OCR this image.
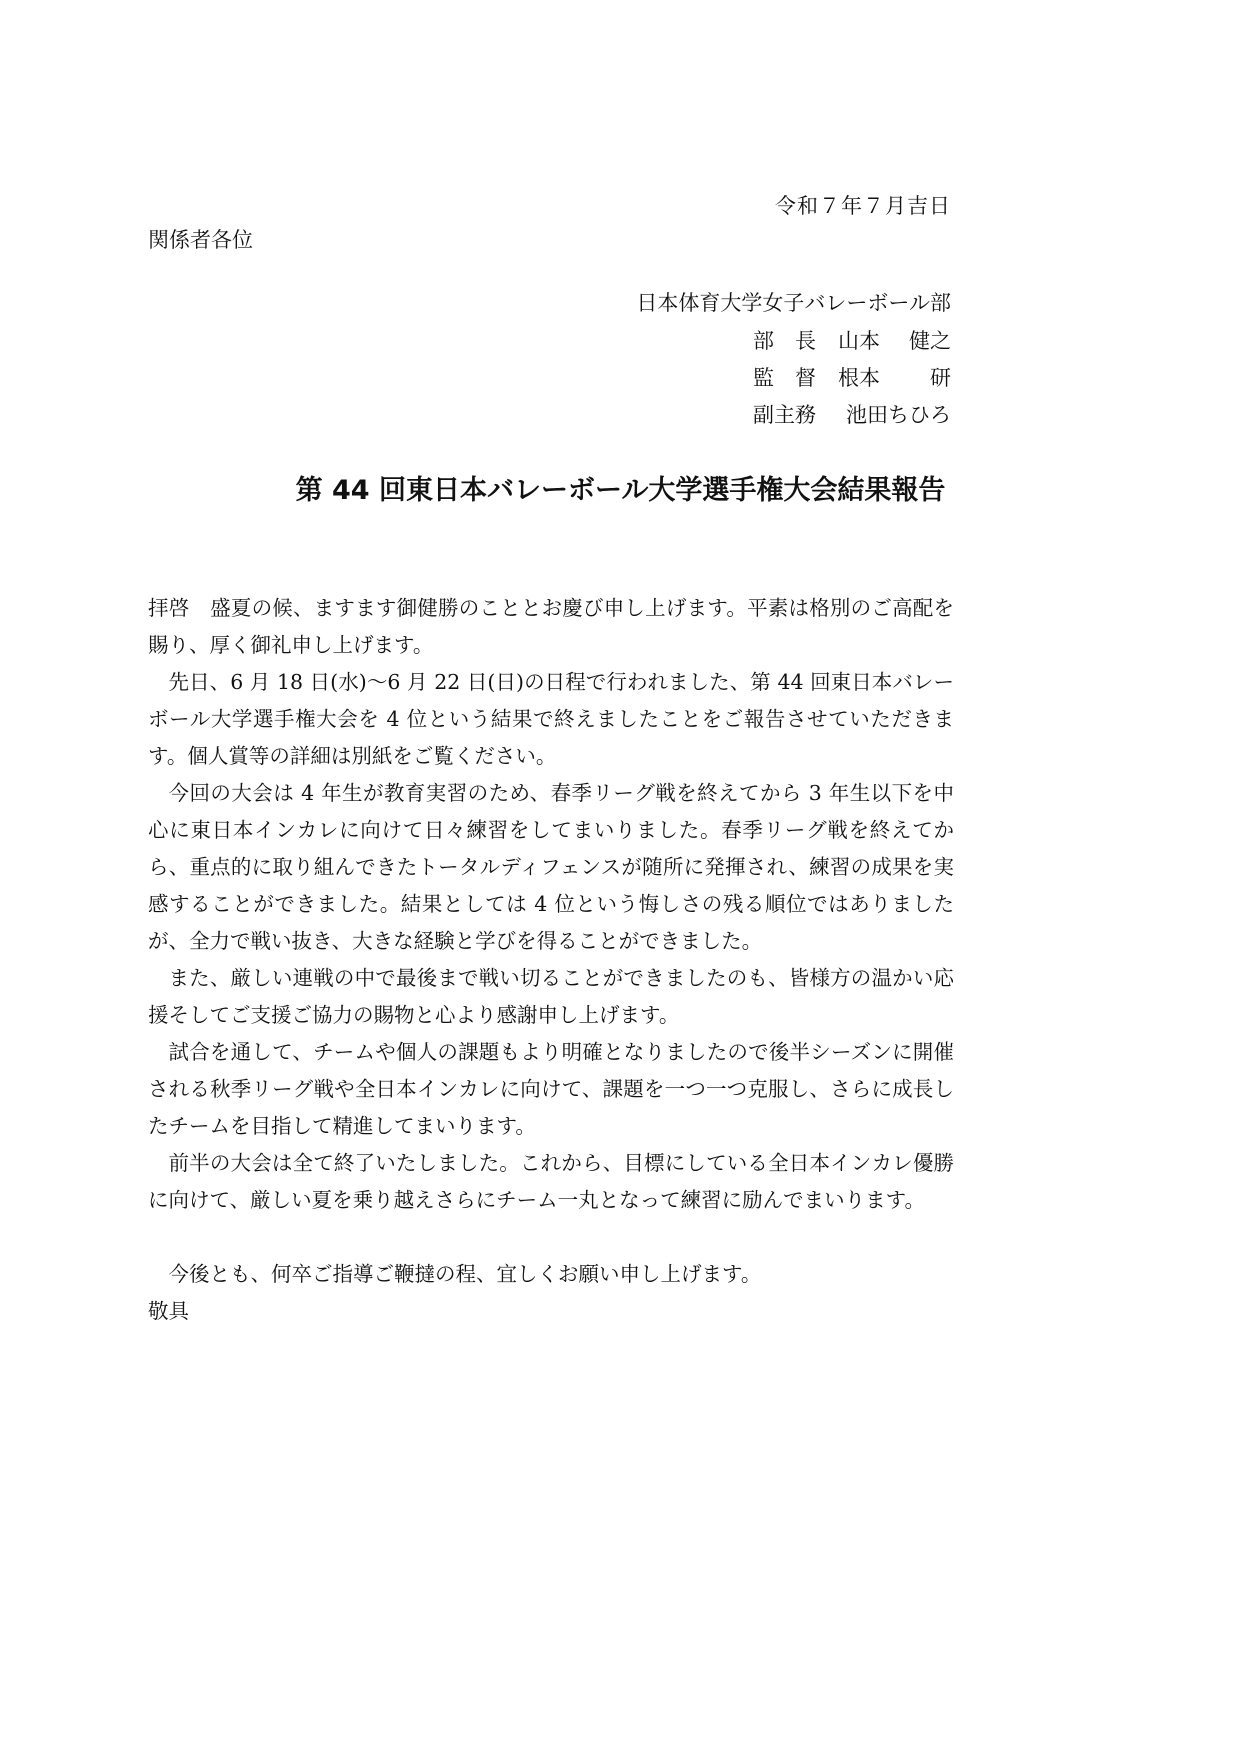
令和７年７月吉日
関係者各位
日本体育大学女子バレーボール部
部　長	山本	健之
監　督	根本	研
副主務	池田ちひろ
第 44 回東日本バレーボール大学選手権大会結果報告

拝啓　盛夏の候、ますます御健勝のこととお慶び申し上げます。平素は格別のご高配を賜り、厚く御礼申し上げます。

先日、6 月 18 日(水)～6 月 22 日(日)の日程で行われました、第 44 回東日本バレーボール大学選手権大会を 4 位という結果で終えましたことをご報告させていただきます。個人賞等の詳細は別紙をご覧ください。

今回の大会は 4 年生が教育実習のため、春季リーグ戦を終えてから 3 年生以下を中心に東日本インカレに向けて日々練習をしてまいりました。春季リーグ戦を終えてから、重点的に取り組んできたトータルディフェンスが随所に発揮され、練習の成果を実感することができました。結果としては 4 位という悔しさの残る順位ではありましたが、全力で戦い抜き、大きな経験と学びを得ることができました。

また、厳しい連戦の中で最後まで戦い切ることができましたのも、皆様方の温かい応援そしてご支援ご協力の賜物と心より感謝申し上げます。

試合を通して、チームや個人の課題もより明確となりましたので後半シーズンに開催される秋季リーグ戦や全日本インカレに向けて、課題を一つ一つ克服し、さらに成長したチームを目指して精進してまいります。

前半の大会は全て終了いたしました。これから、目標にしている全日本インカレ優勝に向けて、厳しい夏を乗り越えさらにチーム一丸となって練習に励んでまいります。

今後とも、何卒ご指導ご鞭撻の程、宜しくお願い申し上げます。

敬具
